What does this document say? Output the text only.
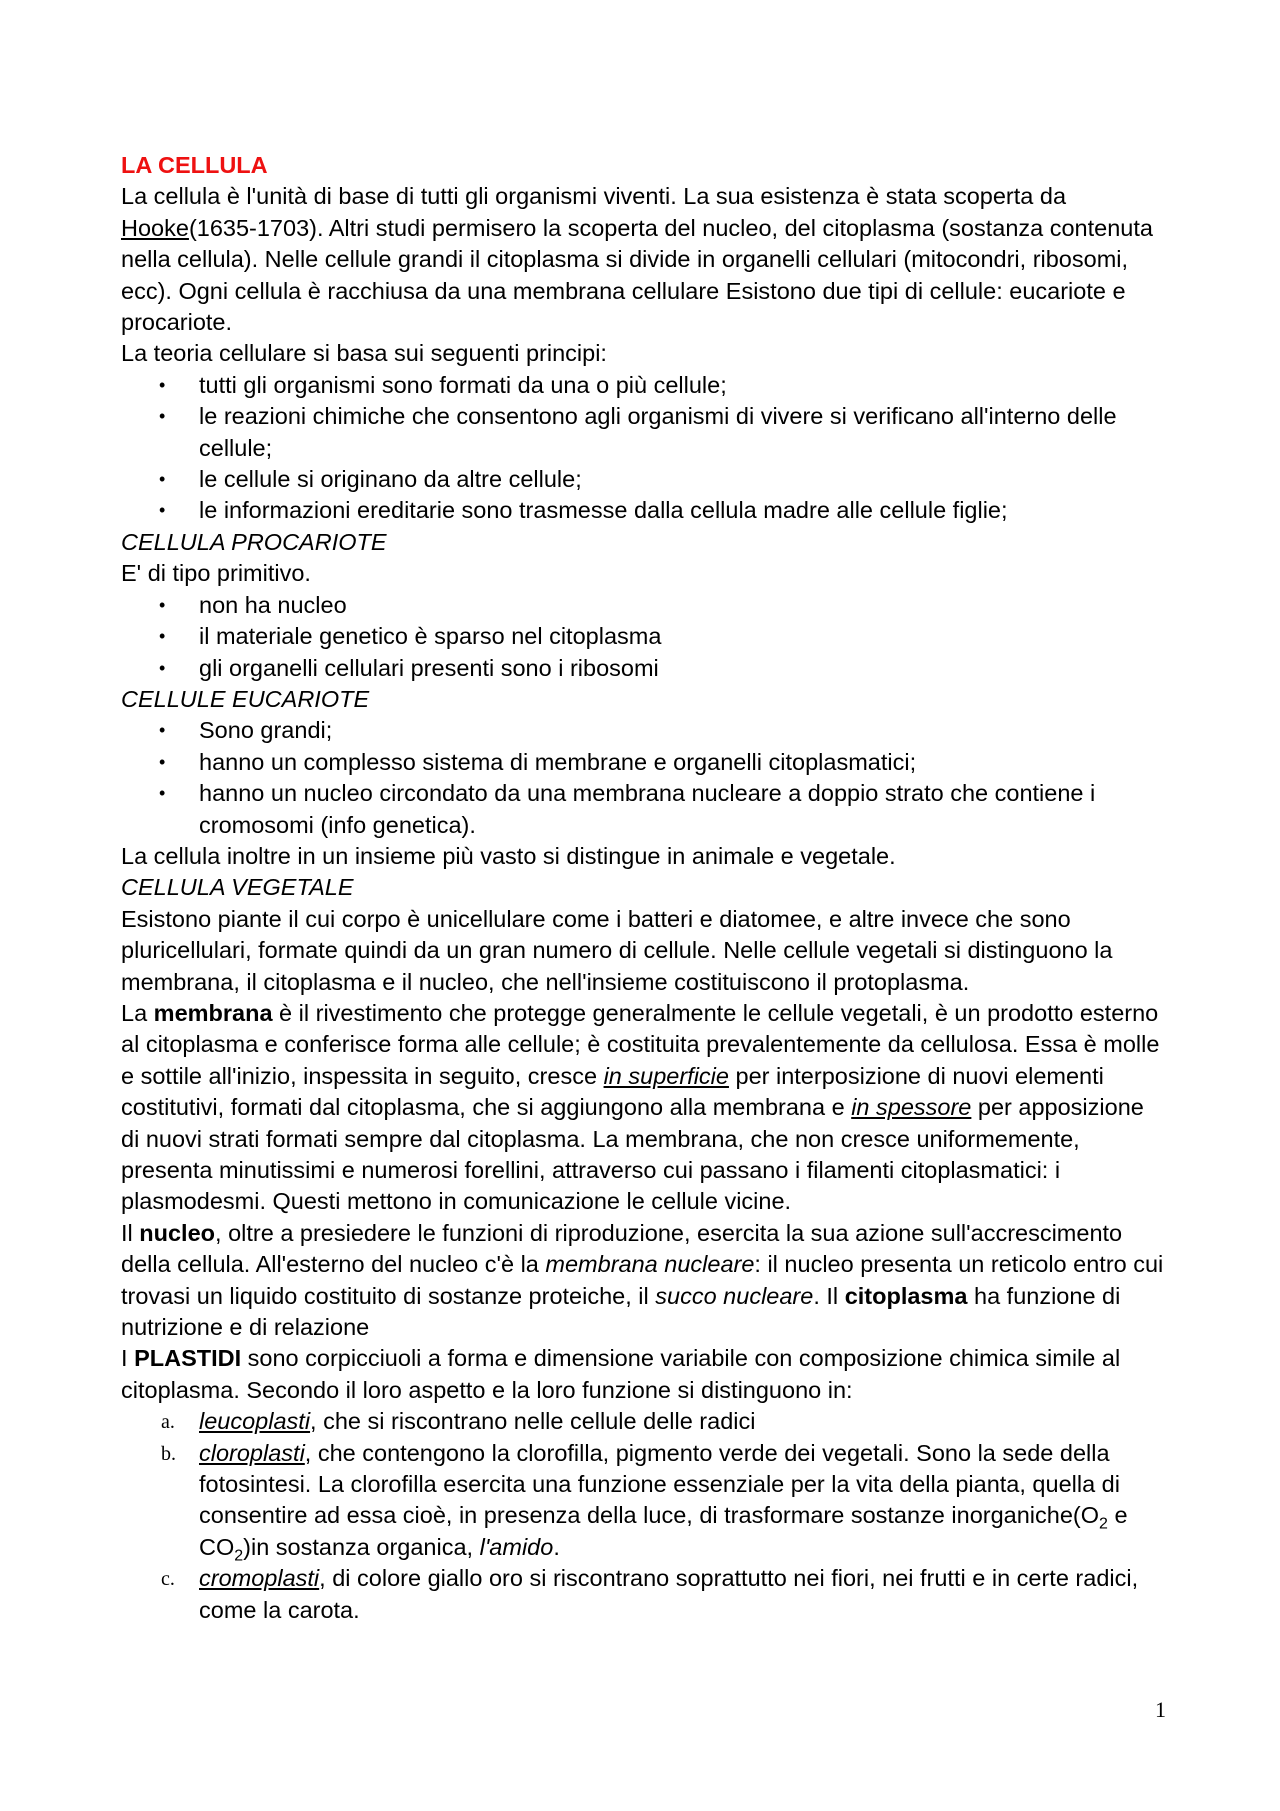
LA CELLULA

La cellula è l'unità di base di tutti gli organismi viventi. La sua esistenza è stata scoperta da Hooke(1635-1703). Altri studi permisero la scoperta del nucleo, del citoplasma (sostanza contenuta nella cellula). Nelle cellule grandi il citoplasma si divide in organelli cellulari (mitocondri, ribosomi, ecc). Ogni cellula è racchiusa da una membrana cellulare Esistono due tipi di cellule: eucariote e procariote.

La teoria cellulare si basa sui seguenti principi:

• tutti gli organismi sono formati da una o più cellule;
• le reazioni chimiche che consentono agli organismi di vivere si verificano all'interno delle cellule;
• le cellule si originano da altre cellule;
• le informazioni ereditarie sono trasmesse dalla cellula madre alle cellule figlie;

CELLULA PROCARIOTE

E' di tipo primitivo.

• non ha nucleo
• il materiale genetico è sparso nel citoplasma
• gli organelli cellulari presenti sono i ribosomi

CELLULE EUCARIOTE

• Sono grandi;
• hanno un complesso sistema di membrane e organelli citoplasmatici;
• hanno un nucleo circondato da una membrana nucleare a doppio strato che contiene i cromosomi (info genetica).

La cellula inoltre in un insieme più vasto si distingue in animale e vegetale.

CELLULA VEGETALE

Esistono piante il cui corpo è unicellulare come i batteri e diatomee, e altre invece che sono pluricellulari, formate quindi da un gran numero di cellule. Nelle cellule vegetali si distinguono la membrana, il citoplasma e il nucleo, che nell'insieme costituiscono il protoplasma.

La membrana è il rivestimento che protegge generalmente le cellule vegetali, è un prodotto esterno al citoplasma e conferisce forma alle cellule; è costituita prevalentemente da cellulosa. Essa è molle e sottile all'inizio, inspessita in seguito, cresce in superficie per interposizione di nuovi elementi costitutivi, formati dal citoplasma, che si aggiungono alla membrana e in spessore per apposizione di nuovi strati formati sempre dal citoplasma. La membrana, che non cresce uniformemente, presenta minutissimi e numerosi forellini, attraverso cui passano i filamenti citoplasmatici: i plasmodesmi. Questi mettono in comunicazione le cellule vicine.

Il nucleo, oltre a presiedere le funzioni di riproduzione, esercita la sua azione sull'accrescimento della cellula. All'esterno del nucleo c'è la membrana nucleare: il nucleo presenta un reticolo entro cui trovasi un liquido costituito di sostanze proteiche, il succo nucleare. Il citoplasma ha funzione di nutrizione e di relazione

I PLASTIDI sono corpicciuoli a forma e dimensione variabile con composizione chimica simile al citoplasma. Secondo il loro aspetto e la loro funzione si distinguono in:

a. leucoplasti, che si riscontrano nelle cellule delle radici
b. cloroplasti, che contengono la clorofilla, pigmento verde dei vegetali. Sono la sede della fotosintesi. La clorofilla esercita una funzione essenziale per la vita della pianta, quella di consentire ad essa cioè, in presenza della luce, di trasformare sostanze $inorganiche(O_2$ e $CO_2)in$ sostanza organica, l'amido.
c. cromoplasti, di colore giallo oro si riscontrano soprattutto nei fiori, nei frutti e in certe radici, come la carota.
1
